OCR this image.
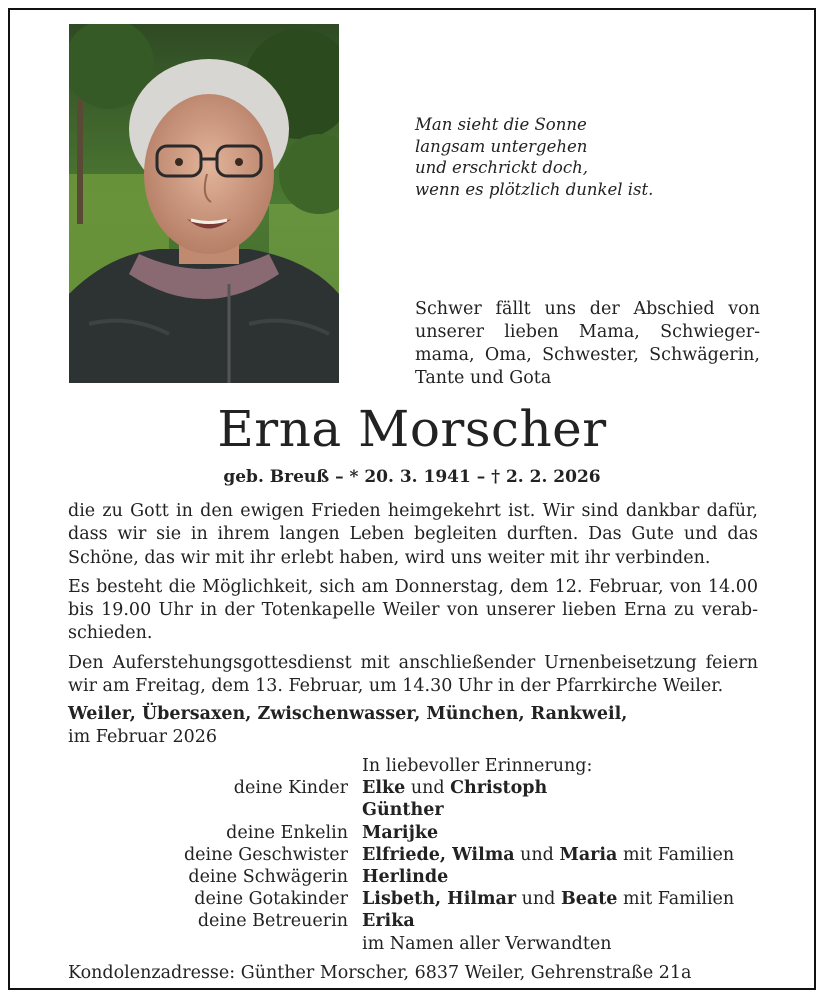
Man sieht die Sonne
langsam untergehen
und erschrickt doch,
wenn es plötzlich dunkel ist.
Schwer fällt uns der Abschied von unserer lieben Mama, Schwiegermama, Oma, Schwester, Schwägerin, Tante und Gota
Erna Morscher
geb. Breuß – * 20. 3. 1941 – † 2. 2. 2026

die zu Gott in den ewigen Frieden heimgekehrt ist. Wir sind dankbar dafür, dass wir sie in ihrem langen Leben begleiten durften. Das Gute und das Schöne, das wir mit ihr erlebt haben, wird uns weiter mit ihr verbinden.

Es besteht die Möglichkeit, sich am Donnerstag, dem 12. Februar, von 14.00 bis 19.00 Uhr in der Totenkapelle Weiler von unserer lieben Erna zu verabschieden.

Den Auferstehungsgottesdienst mit anschließender Urnenbeisetzung feiern wir am Freitag, dem 13. Februar, um 14.30 Uhr in der Pfarrkirche Weiler.

Weiler, Übersaxen, Zwischenwasser, München, Rankweil,
im Februar 2026
In liebevoller Erinnerung:
deine Kinder Elke und Christoph
Günther
deine Enkelin Marijke
deine Geschwister Elfriede, Wilma und Maria mit Familien
deine Schwägerin Herlinde
deine Gotakinder Lisbeth, Hilmar und Beate mit Familien
deine Betreuerin Erika
im Namen aller Verwandten
Kondolenzadresse: Günther Morscher, 6837 Weiler, Gehrenstraße 21a
